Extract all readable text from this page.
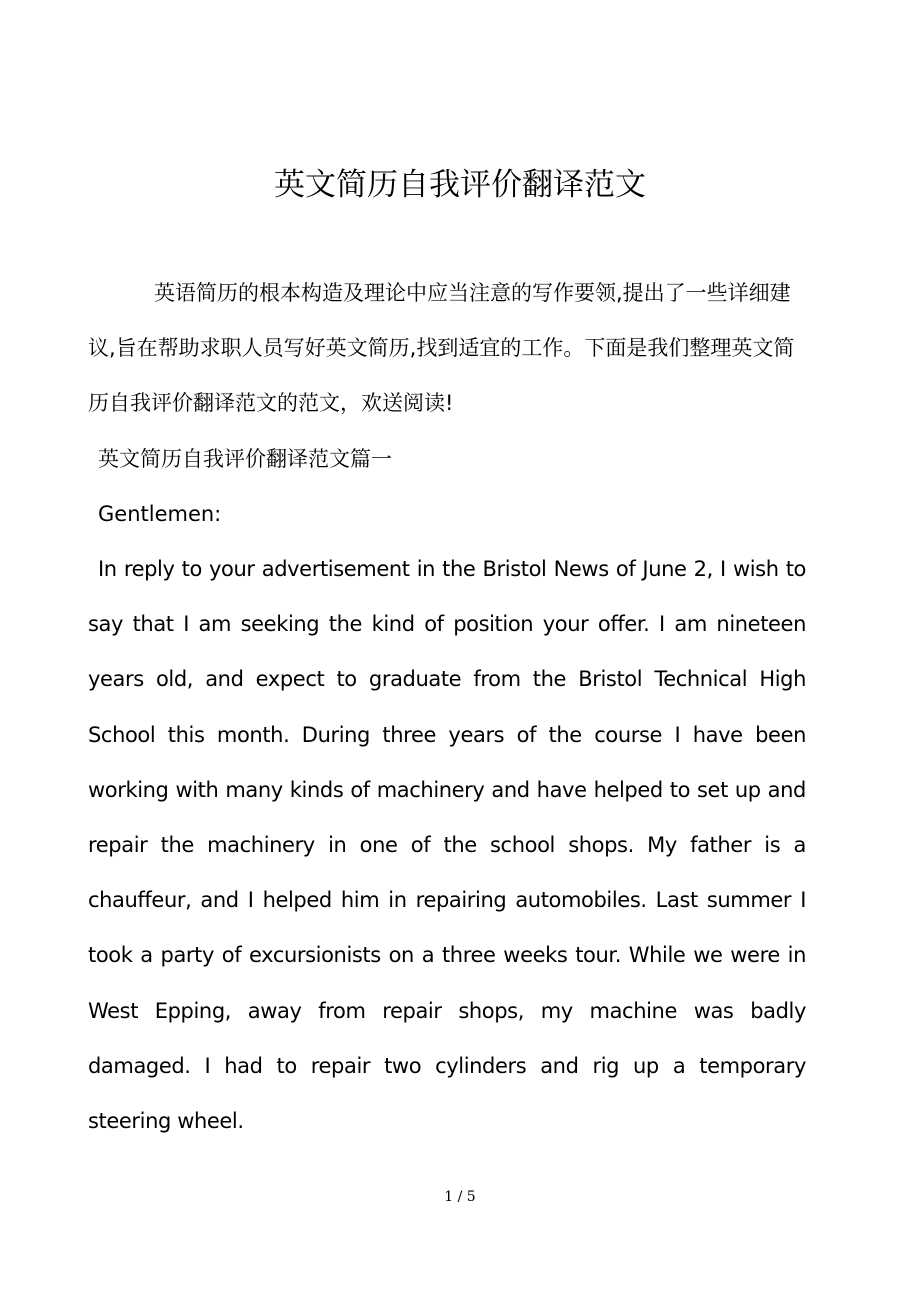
英文简历自我评价翻译范文

英语简历的根本构造及理论中应当注意的写作要领,提出了一些详细建议,旨在帮助求职人员写好英文简历,找到适宜的工作。下面是我们整理英文简历自我评价翻译范文的范文，欢送阅读!

英文简历自我评价翻译范文篇一

Gentlemen:

In reply to your advertisement in the Bristol News of June 2, I wish to say that I am seeking the kind of position your offer. I am nineteen years old, and expect to graduate from the Bristol Technical High School this month. During three years of the course I have been working with many kinds of machinery and have helped to set up and repair the machinery in one of the school shops. My father is a chauffeur, and I helped him in repairing automobiles. Last summer I took a party of excursionists on a three weeks tour. While we were in West Epping, away from repair shops, my machine was badly damaged. I had to repair two cylinders and rig up a temporary steering wheel.

1 / 5
